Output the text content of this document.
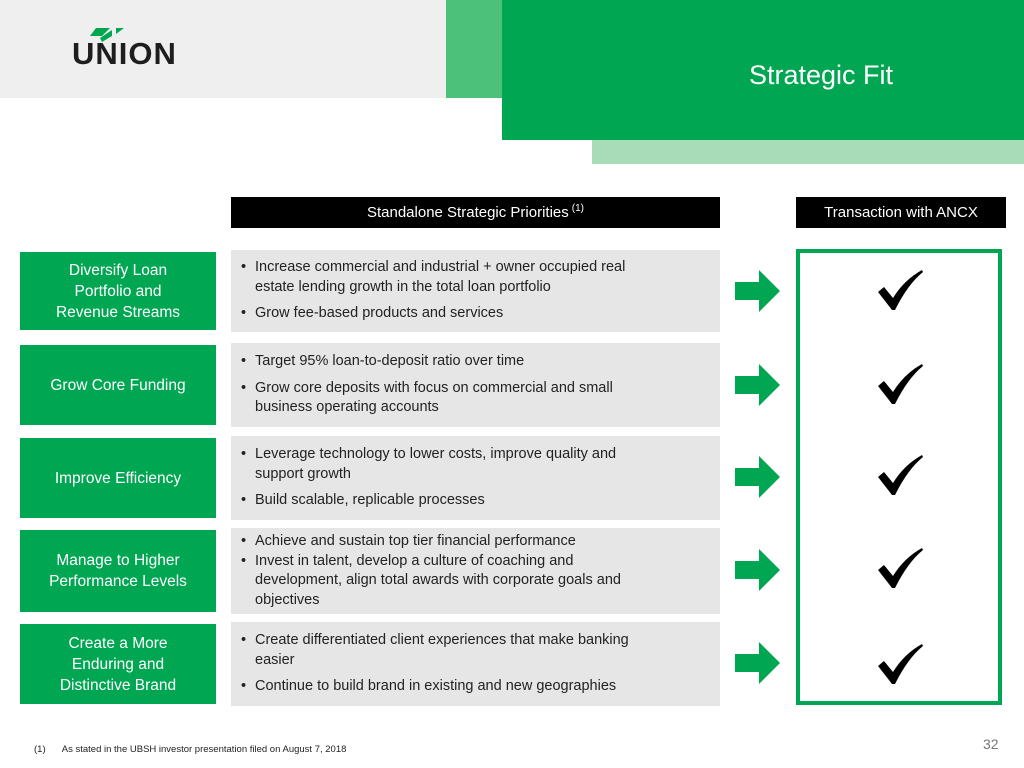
UNION
Strategic Fit
Standalone Strategic Priorities $^{(1)}$	Transaction with ANCX
Diversify Loan
Portfolio and
Revenue Streams
• Increase commercial and industrial + owner occupied real
estate lending growth in the total loan portfolio
• Grow fee-based products and services
Grow Core Funding
• Target 95% loan-to-deposit ratio over time
• Grow core deposits with focus on commercial and small
business operating accounts
Improve Efficiency
• Leverage technology to lower costs, improve quality and
support growth
• Build scalable, replicable processes
Manage to Higher
Performance Levels
• Achieve and sustain top tier financial performance
• Invest in talent, develop a culture of coaching and
development, align total awards with corporate goals and
objectives
Create a More
Enduring and
Distinctive Brand
• Create differentiated client experiences that make banking
easier
• Continue to build brand in existing and new geographies
(1) As stated in the UBSH investor presentation filed on August 7, 2018	32
